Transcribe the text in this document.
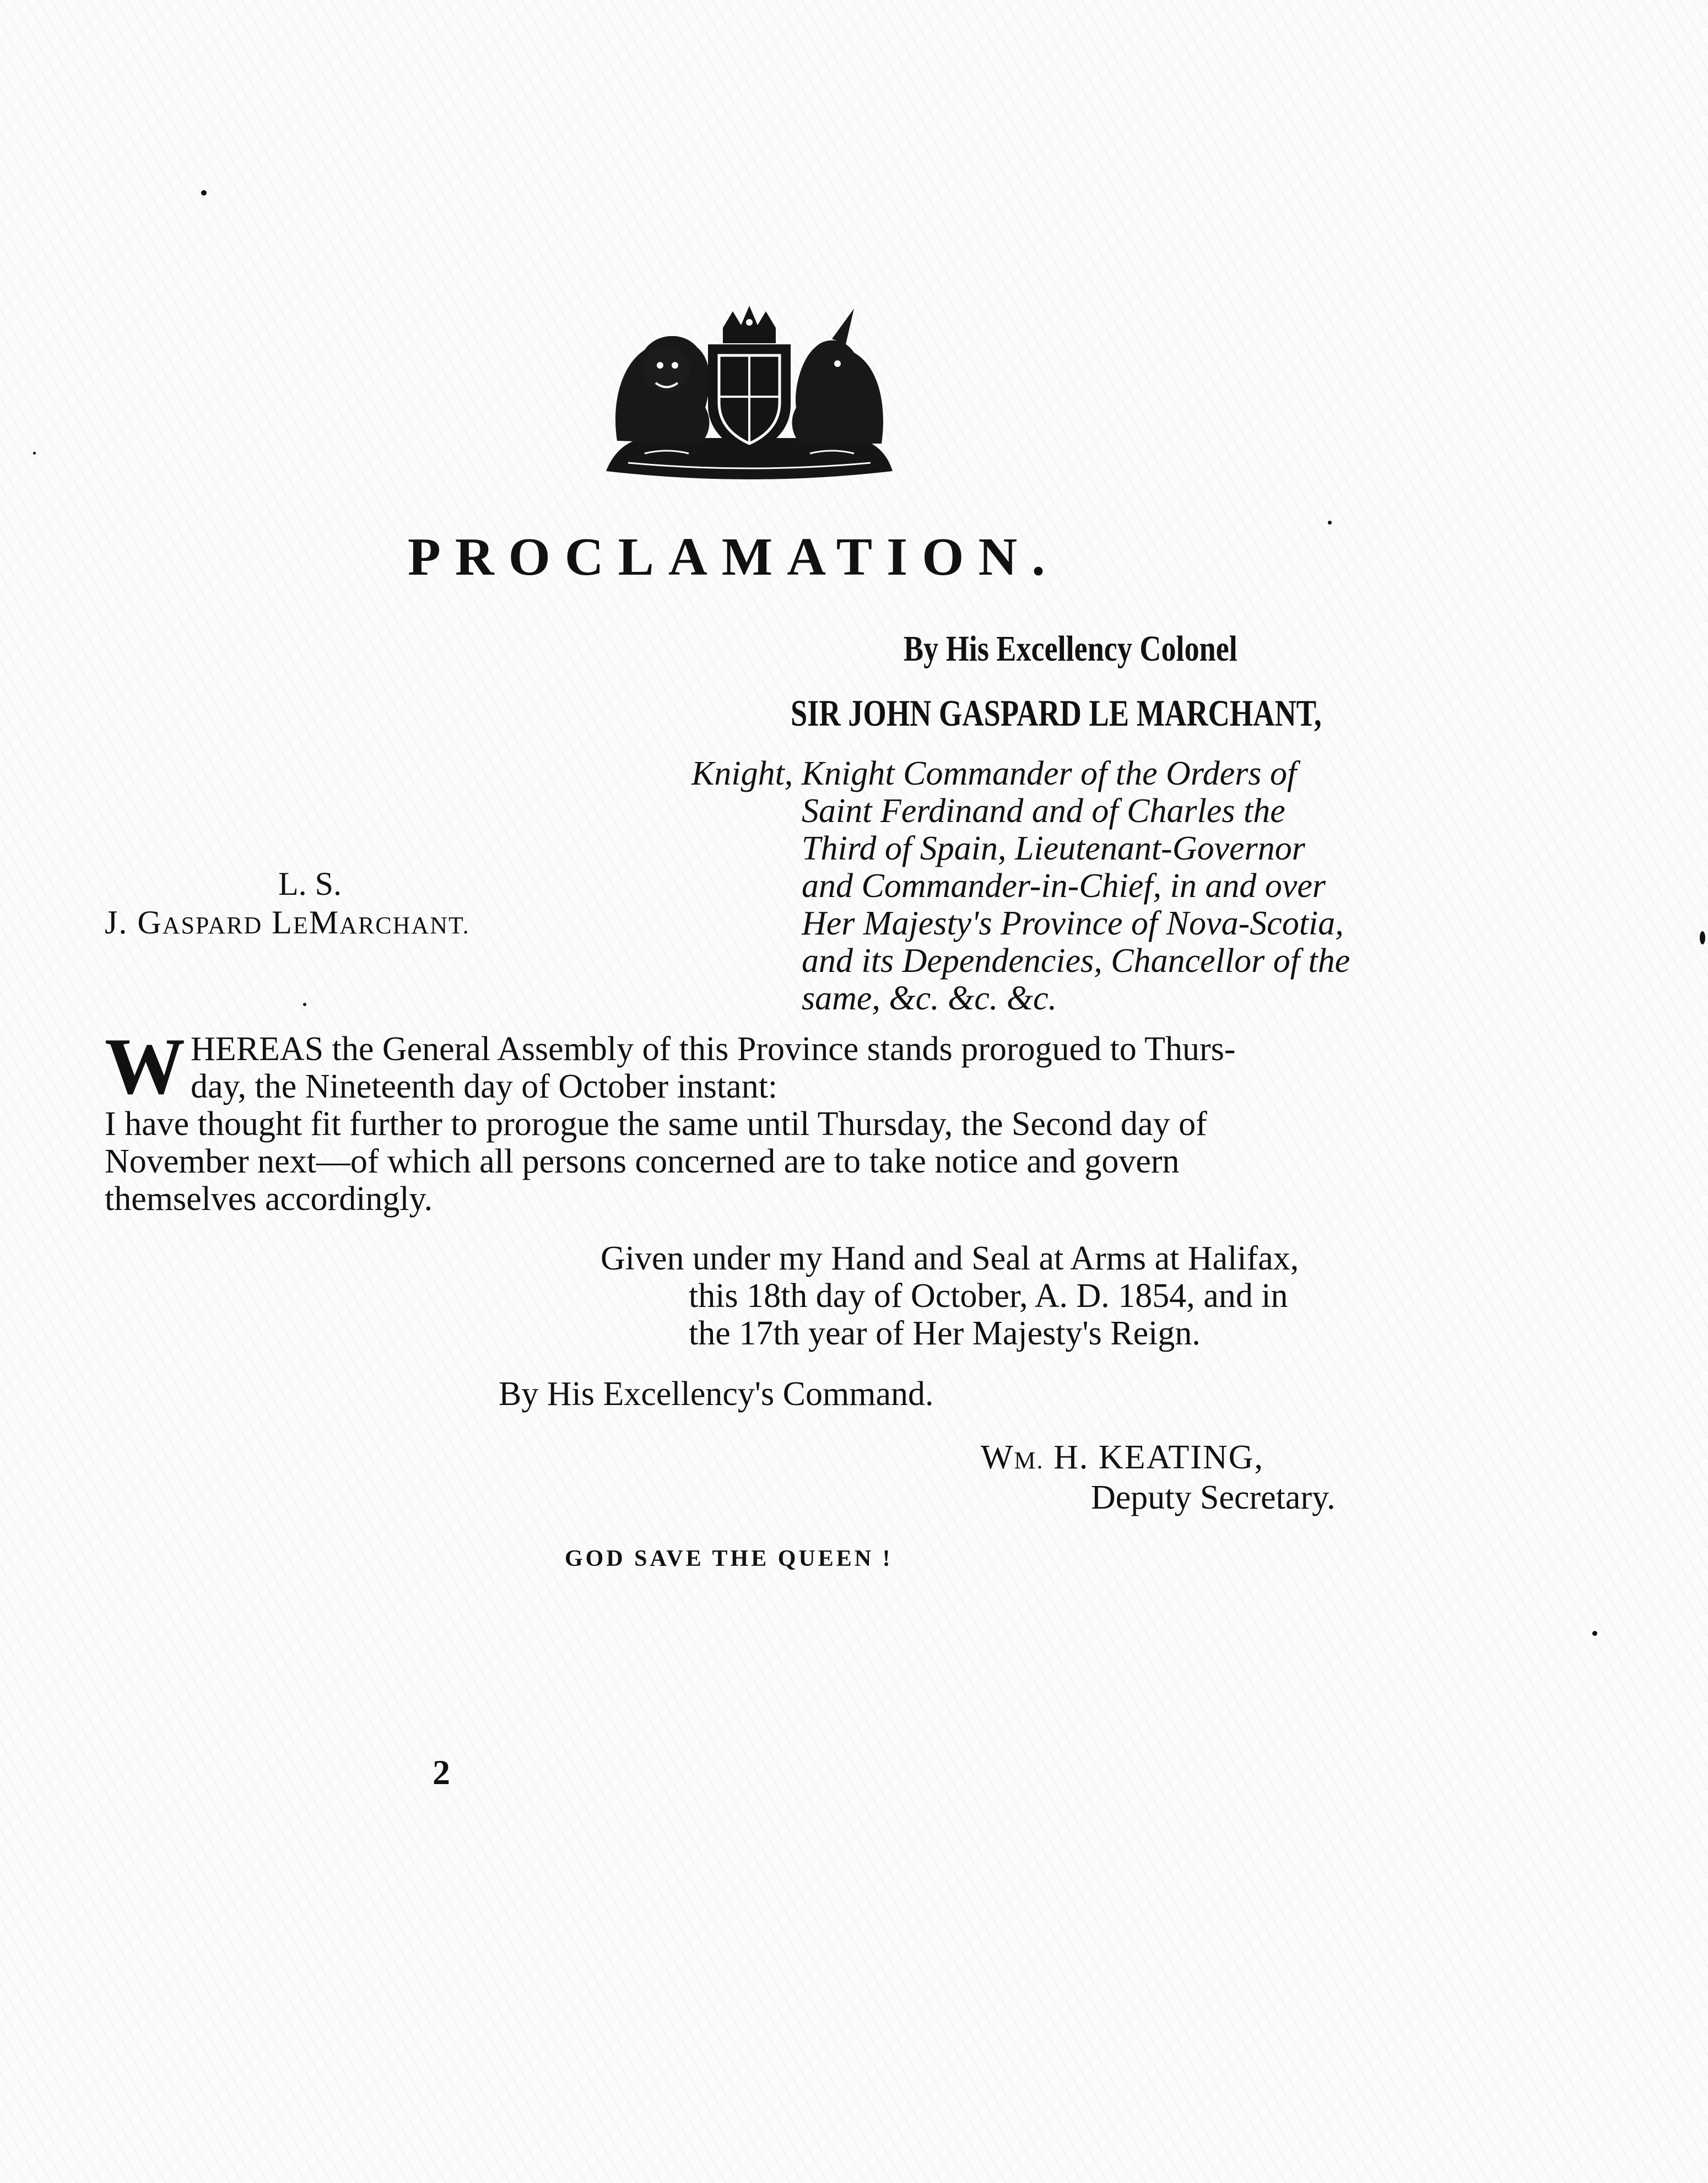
PROCLAMATION.
By His Excellency Colonel
SIR JOHN GASPARD LE MARCHANT,
Knight, Knight Commander of the Orders of
Saint Ferdinand and of Charles the
Third of Spain, Lieutenant-Governor
and Commander-in-Chief, in and over
Her Majesty's Province of Nova-Scotia,
and its Dependencies, Chancellor of the
same, &c. &c. &c.
L. S.
J. GASPARD LEMARCHANT.
W HEREAS the General Assembly of this Province stands prorogued to Thurs-
day, the Nineteenth day of October instant:
I have thought fit further to prorogue the same until Thursday, the Second day of
November next—of which all persons concerned are to take notice and govern
themselves accordingly.
Given under my Hand and Seal at Arms at Halifax,
this 18th day of October, A. D. 1854, and in
the 17th year of Her Majesty's Reign.
By His Excellency's Command.
WM. H. KEATING,
Deputy Secretary.
GOD SAVE THE QUEEN !
2
